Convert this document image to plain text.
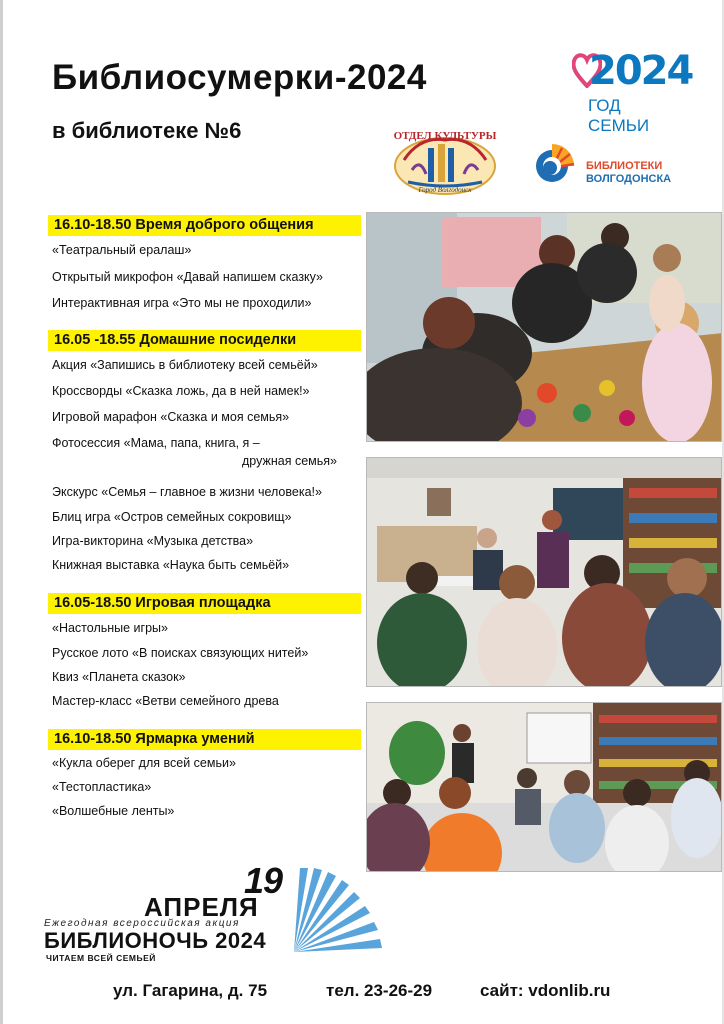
Библиосумерки-2024
в библиотеке №6
2024
ГОД СЕМЬИ
ОТДЕЛ КУЛЬТУРЫ
Город Волгодонск
БИБЛИОТЕКИ
ВОЛГОДОНСКА
16.10-18.50 Время доброго общения
«Театральный ералаш»
Открытый микрофон «Давай напишем сказку»
Интерактивная игра «Это мы не проходили»
16.05 -18.55 Домашние посиделки
Акция «Запишись в библиотеку всей семьёй»
Кроссворды «Сказка ложь, да в ней намек!»
Игровой марафон «Сказка и моя семья»
Фотосессия «Мама, папа, книга, я –
дружная семья»
Экскурс «Семья – главное в жизни человека!»
Блиц игра «Остров семейных сокровищ»
Игра-викторина «Музыка детства»
Книжная выставка «Наука быть семьёй»
16.05-18.50 Игровая площадка
«Настольные игры»
Русское лото «В поисках связующих нитей»
Квиз «Планета сказок»
Мастер-класс «Ветви семейного древа
16.10-18.50 Ярмарка умений
«Кукла оберег для всей семьи»
«Тестопластика»
«Волшебные ленты»
19
АПРЕЛЯ
Ежегодная всероссийская акция
БИБЛИОНОЧЬ 2024
ЧИТАЕМ ВСЕЙ СЕМЬЕЙ
ул. Гагарина, д. 75	тел. 23-26-29	сайт: vdonlib.ru
